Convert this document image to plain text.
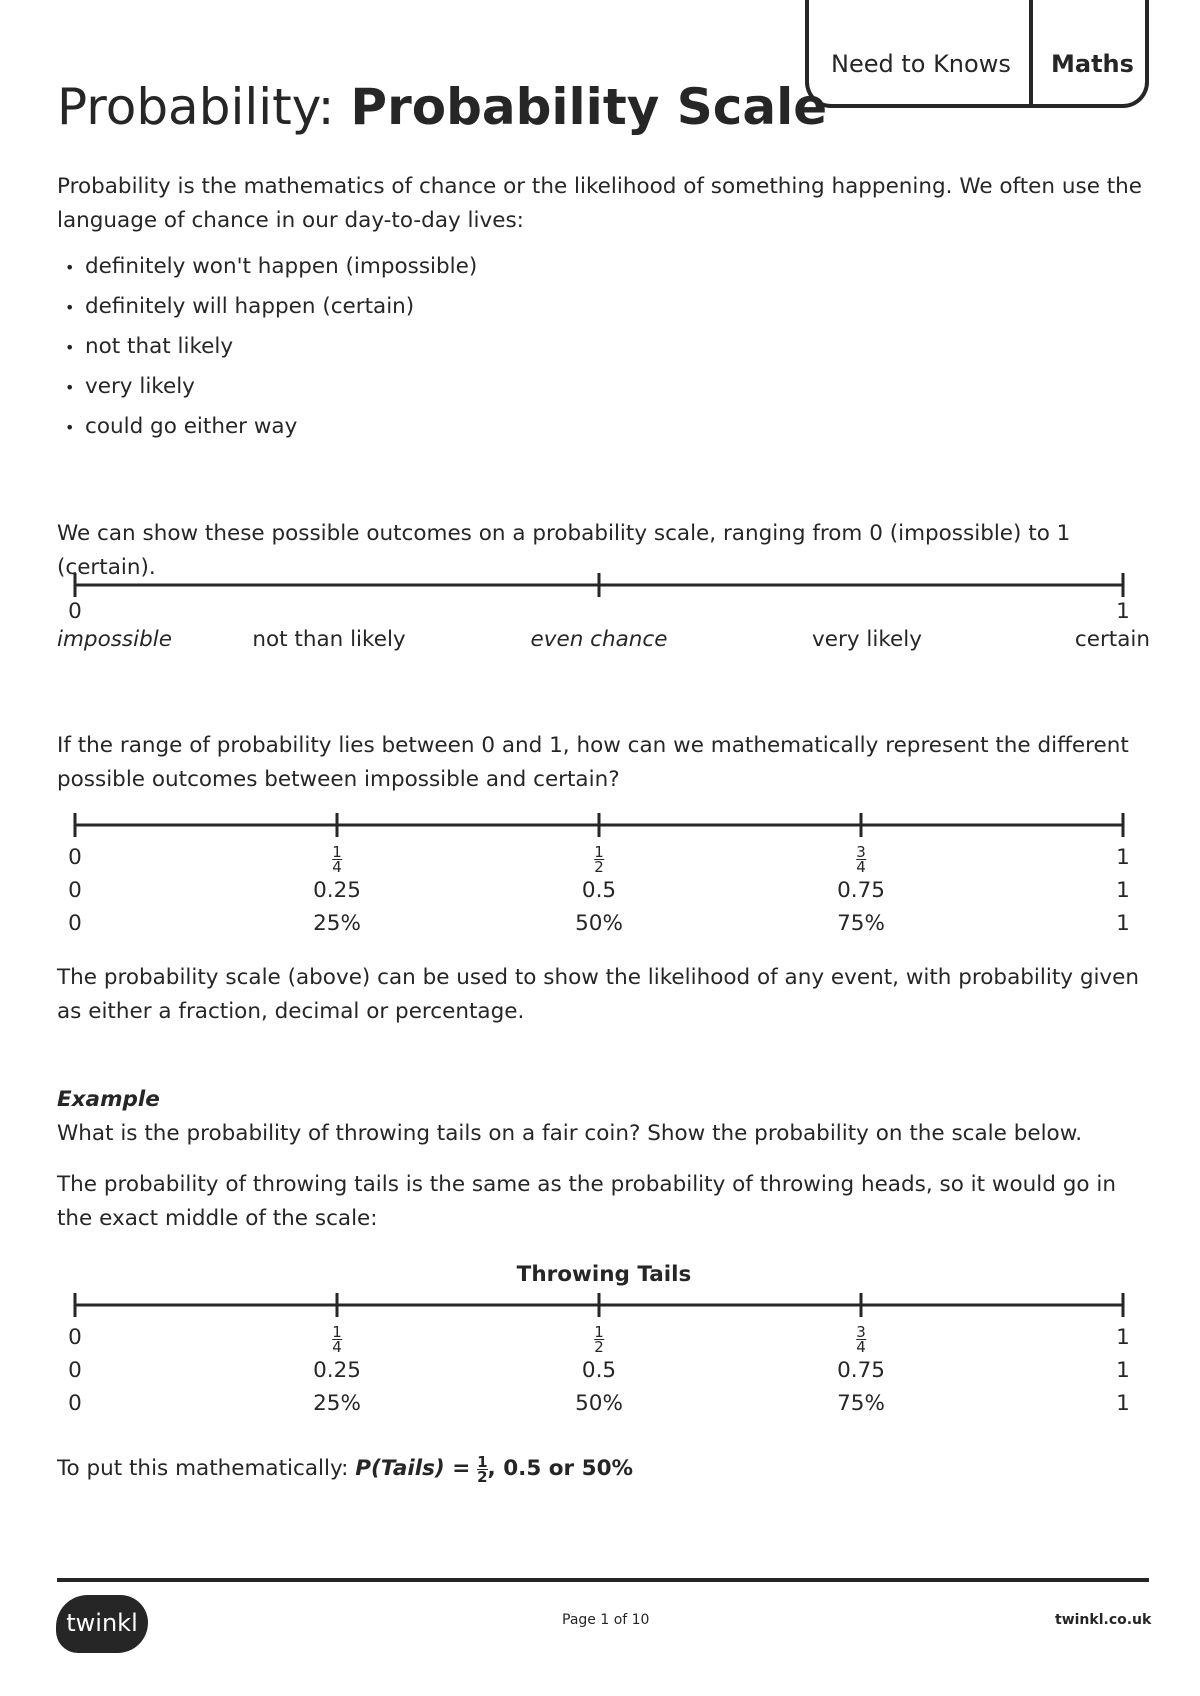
Need to Knows Maths
Probability: Probability Scale
Probability is the mathematics of chance or the likelihood of something happening. We often use the language of chance in our day-to-day lives:
• definitely won't happen (impossible)
• definitely will happen (certain)
• not that likely
• very likely
• could go either way
We can show these possible outcomes on a probability scale, ranging from 0 (impossible) to 1 (certain).
0	1
impossible	not than likely	even chance	very likely	certain
If the range of probability lies between 0 and 1, how can we mathematically represent the different possible outcomes between impossible and certain?
0	$\frac{1}{4}$	$\frac{1}{2}$	$\frac{3}{4}$	1
0	0.25	0.5	0.75	1
0	25%	50%	75%	1
The probability scale (above) can be used to show the likelihood of any event, with probability given as either a fraction, decimal or percentage.
Example
What is the probability of throwing tails on a fair coin? Show the probability on the scale below.
The probability of throwing tails is the same as the probability of throwing heads, so it would go in the exact middle of the scale:
Throwing Tails
0	$\frac{1}{4}$	$\frac{1}{2}$	$\frac{3}{4}$	1
0	0.25	0.5	0.75	1
0	25%	50%	75%	1
To put this mathematically: P(Tails) = $\frac{1}{2}$ , 0.5 or 50%
twinkl	Page 1 of 10	twinkl.co.uk
